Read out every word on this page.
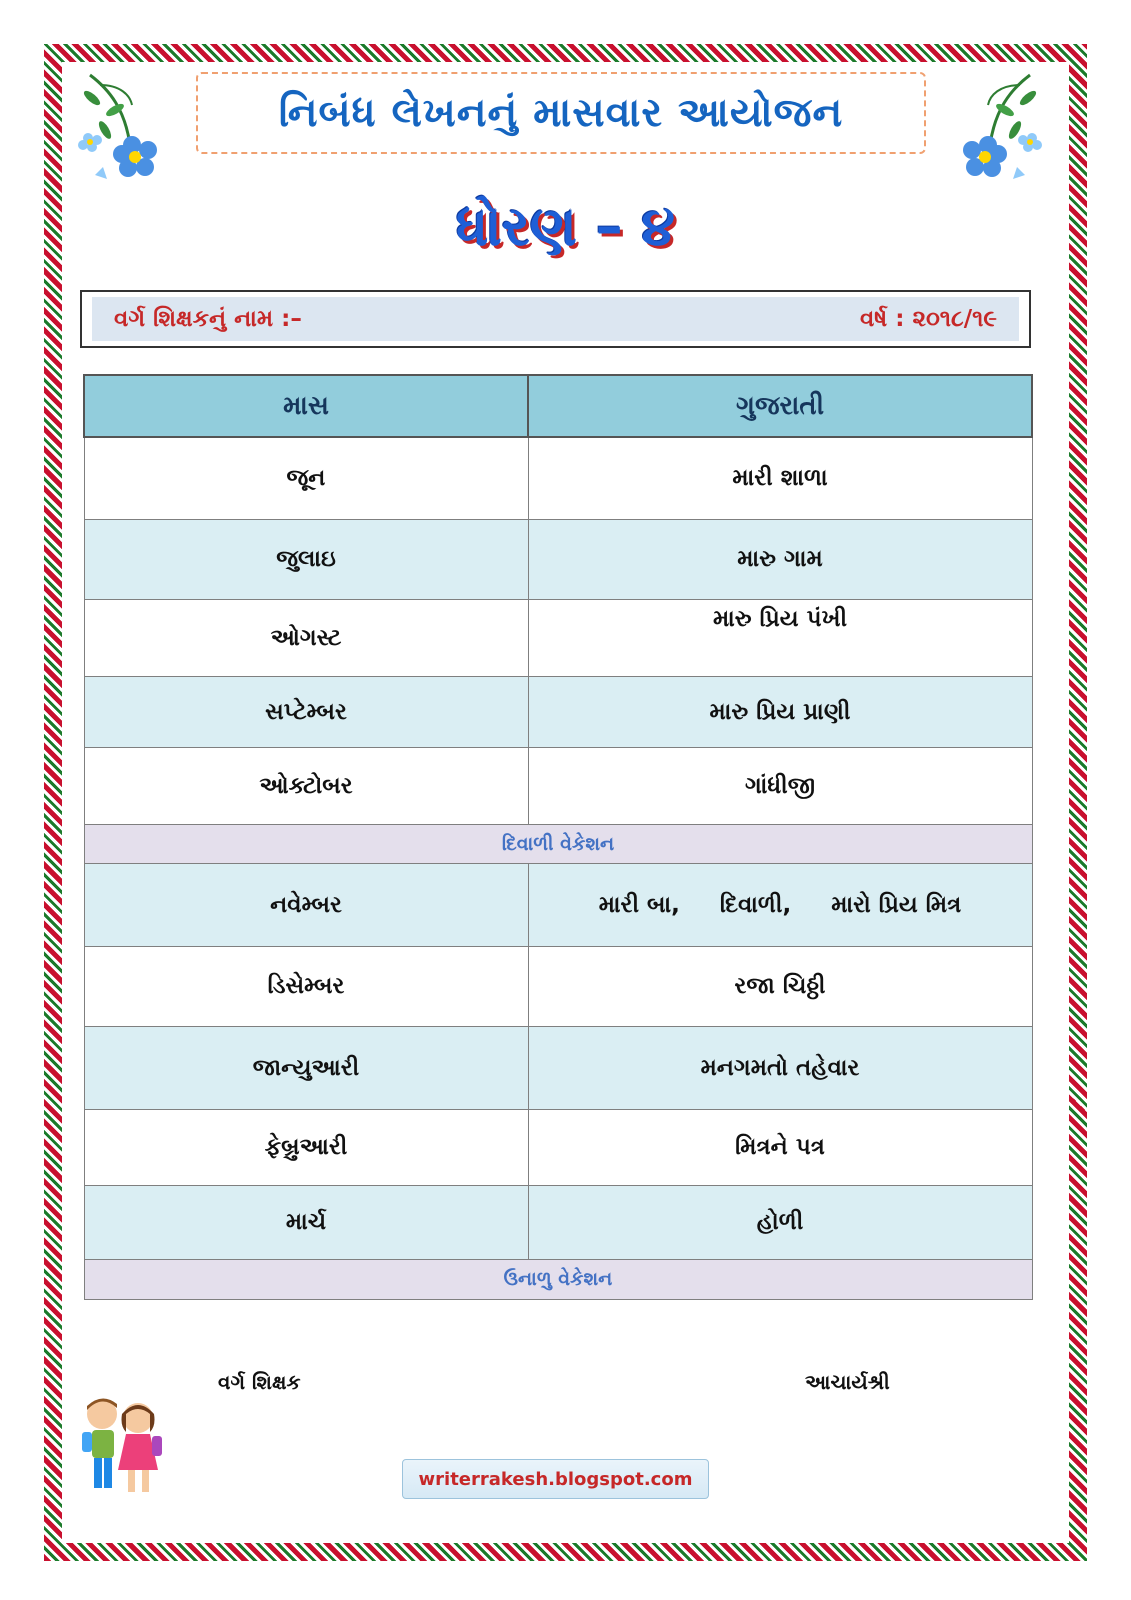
નિબંધ લેખનનું માસવાર આયોજન
ધોરણ – ૪
વર્ગ શિક્ષકનું નામ :–	વર્ષ : ૨૦૧૮/૧૯
માસ	ગુજરાતી
જૂન	મારી શાળા
જુલાઇ	મારુ ગામ
ઓગસ્ટ	મારુ પ્રિય પંખી
સપ્ટેમ્બર	મારુ પ્રિય પ્રાણી
ઓક્ટોબર	ગાંધીજી
દિવાળી વેકેશન	
નવેમ્બર	મારી બા,     દિવાળી,     મારો પ્રિય મિત્ર
ડિસેમ્બર	રજા ચિઠ્ઠી
જાન્યુઆરી	મનગમતો તહેવાર
ફેબ્રુઆરી	મિત્રને પત્ર
માર્ચ	હોળી
ઉનાળુ વેકેશન	
વર્ગ શિક્ષક	આચાર્યશ્રી
writerrakesh.blogspot.com
